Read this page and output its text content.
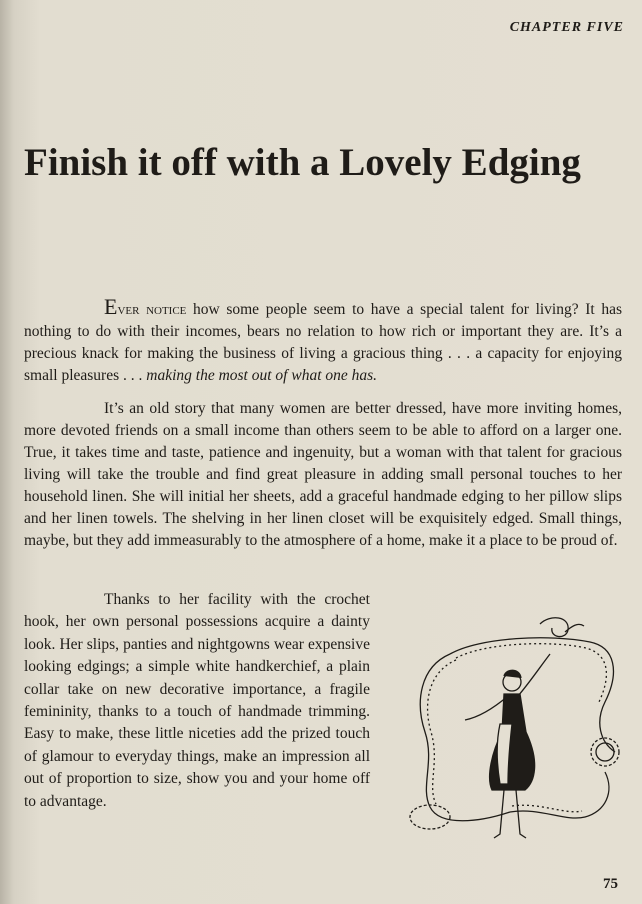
CHAPTER FIVE
Finish it off with a Lovely Edging

Ever notice how some people seem to have a special talent for living? It has nothing to do with their incomes, bears no relation to how rich or important they are. It’s a precious knack for making the business of living a gracious thing . . . a capacity for enjoying small pleasures . . . making the most out of what one has.

It’s an old story that many women are better dressed, have more inviting homes, more devoted friends on a small income than others seem to be able to afford on a larger one. True, it takes time and taste, patience and ingenuity, but a woman with that talent for gracious living will take the trouble and find great pleasure in adding small personal touches to her household linen. She will initial her sheets, add a graceful handmade edging to her pillow slips and her linen towels. The shelving in her linen closet will be exquisitely edged. Small things, maybe, but they add immeasurably to the atmosphere of a home, make it a place to be proud of.

Thanks to her facility with the crochet hook, her own personal possessions acquire a dainty look. Her slips, panties and nightgowns wear expensive looking edgings; a simple white handkerchief, a plain collar take on new decorative importance, a fragile femininity, thanks to a touch of handmade trimming. Easy to make, these little niceties add the prized touch of glamour to everyday things, make an impression all out of proportion to size, show you and your home off to advantage.

75
